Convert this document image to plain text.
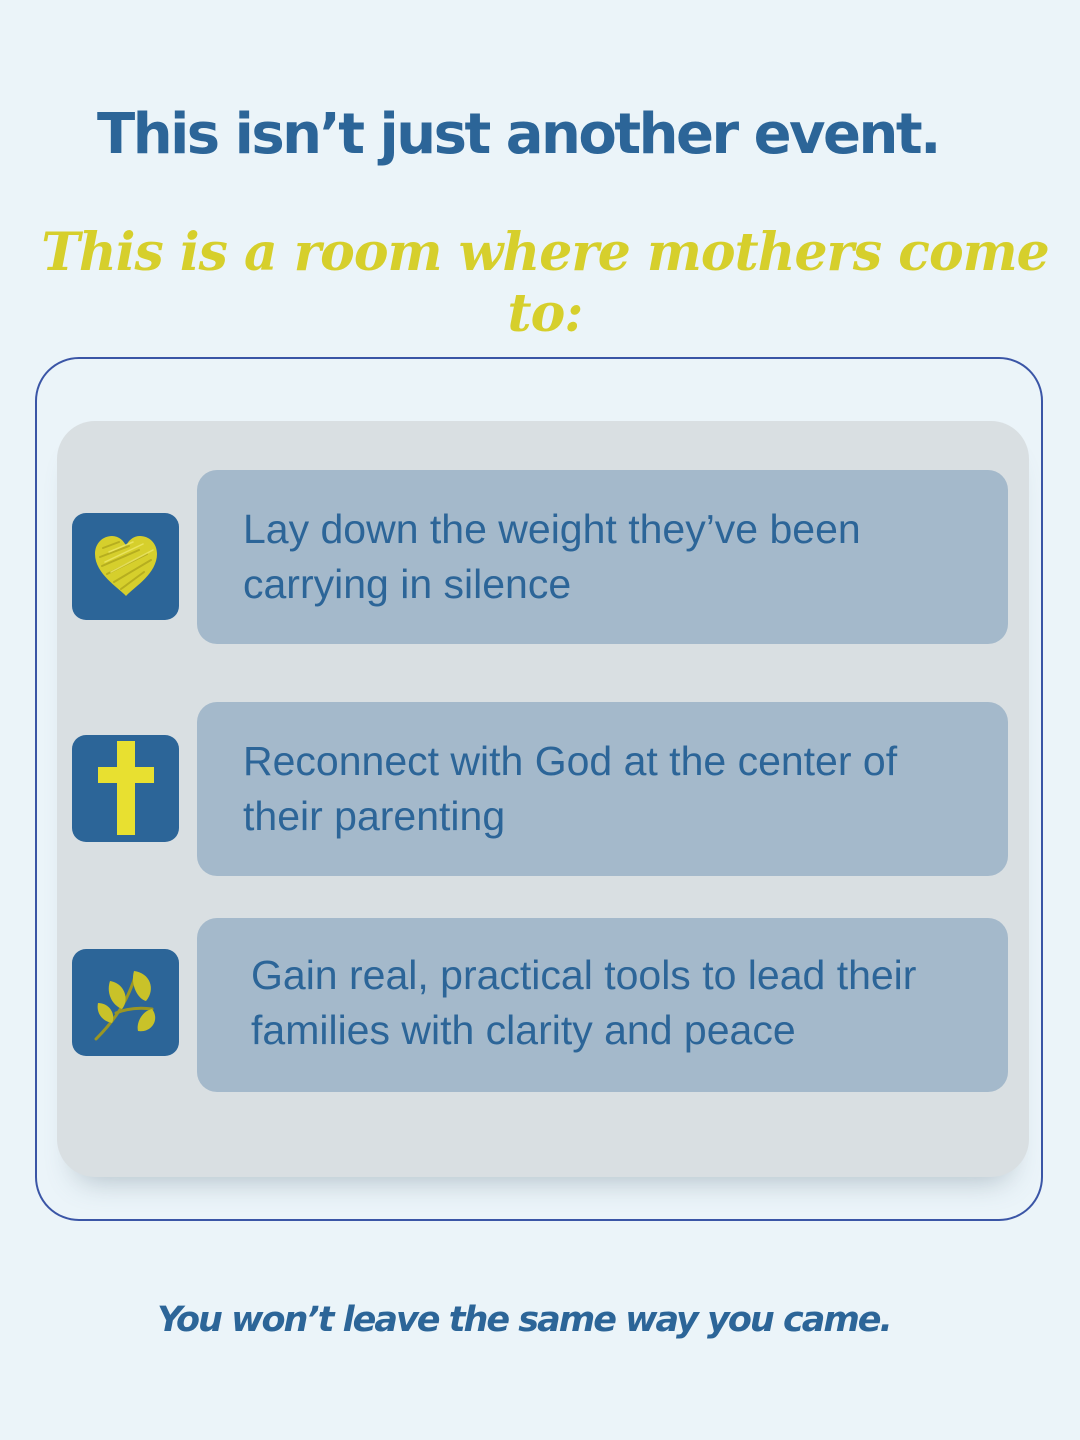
This isn’t just another event.
This is a room where mothers come to:
Lay down the weight they’ve been carrying in silence
Reconnect with God at the center of their parenting
Gain real, practical tools to lead their families with clarity and peace

You won’t leave the same way you came.
